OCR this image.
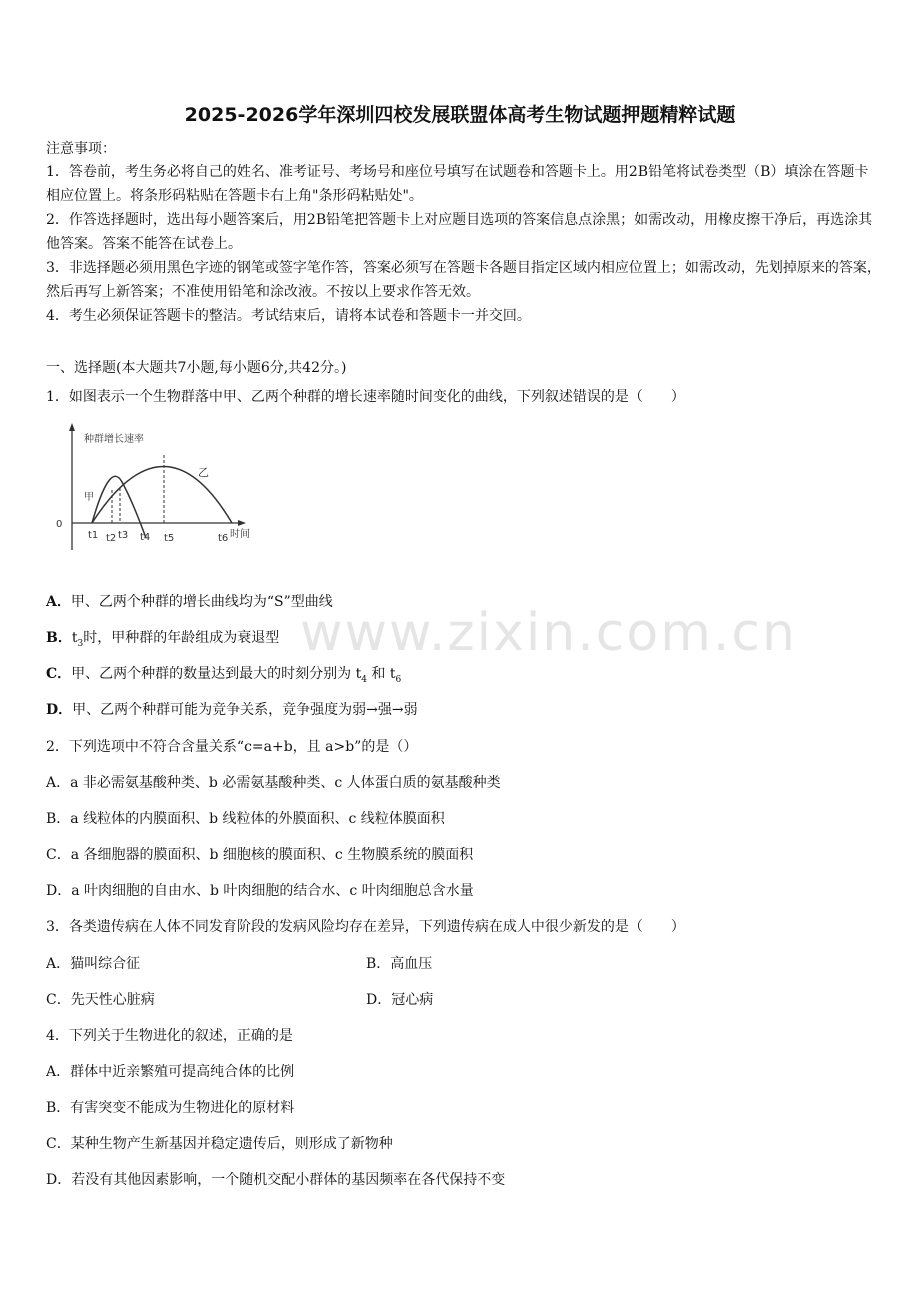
2025-2026学年深圳四校发展联盟体高考生物试题押题精粹试题
注意事项：
1．答卷前，考生务必将自己的姓名、准考证号、考场号和座位号填写在试题卷和答题卡上。用2B铅笔将试卷类型（B）填涂在答题卡相应位置上。将条形码粘贴在答题卡右上角"条形码粘贴处"。
2．作答选择题时，选出每小题答案后，用2B铅笔把答题卡上对应题目选项的答案信息点涂黑；如需改动，用橡皮擦干净后，再选涂其他答案。答案不能答在试卷上。
3．非选择题必须用黑色字迹的钢笔或签字笔作答，答案必须写在答题卡各题目指定区域内相应位置上；如需改动，先划掉原来的答案，然后再写上新答案；不准使用铅笔和涂改液。不按以上要求作答无效。
4．考生必须保证答题卡的整洁。考试结束后，请将本试卷和答题卡一并交回。
一、选择题(本大题共7小题,每小题6分,共42分。)
1．如图表示一个生物群落中甲、乙两个种群的增长速率随时间变化的曲线，下列叙述错误的是（　　）
种群增长速率
0
时间
甲
乙
t1 t2 t3 t4 t5	t6
www.zixin.com.cn
A．甲、乙两个种群的增长曲线均为“S”型曲线
B．$t_3$时，甲种群的年龄组成为衰退型
C．甲、乙两个种群的数量达到最大的时刻分别为 $t_4$ 和 $t_6$
D．甲、乙两个种群可能为竞争关系，竞争强度为弱→强→弱
2．下列选项中不符合含量关系“c=a+b，且 a>b”的是（）
A．a 非必需氨基酸种类、b 必需氨基酸种类、c 人体蛋白质的氨基酸种类
B．a 线粒体的内膜面积、b 线粒体的外膜面积、c 线粒体膜面积
C．a 各细胞器的膜面积、b 细胞核的膜面积、c 生物膜系统的膜面积
D．a 叶肉细胞的自由水、b 叶肉细胞的结合水、c 叶肉细胞总含水量
3．各类遗传病在人体不同发育阶段的发病风险均存在差异，下列遗传病在成人中很少新发的是（　　）
A．猫叫综合征	B．高血压
C．先天性心脏病	D．冠心病
4．下列关于生物进化的叙述，正确的是
A．群体中近亲繁殖可提高纯合体的比例
B．有害突变不能成为生物进化的原材料
C．某种生物产生新基因并稳定遗传后，则形成了新物种
D．若没有其他因素影响，一个随机交配小群体的基因频率在各代保持不变
